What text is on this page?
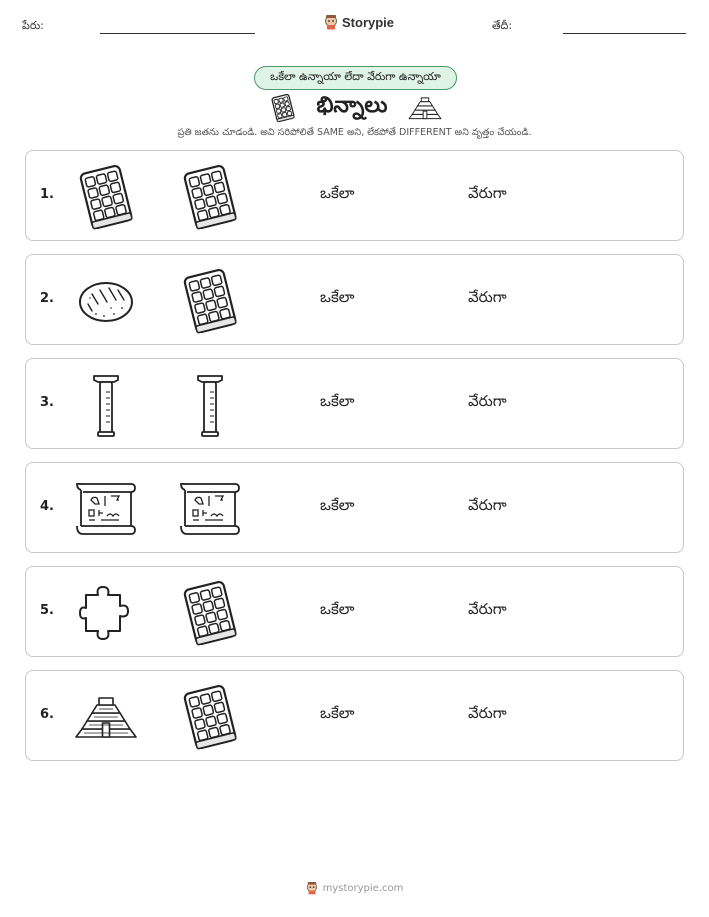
పేరు:	Storypie	తేదీ:
ఒకేలా ఉన్నాయా లేదా వేరుగా ఉన్నాయా
భిన్నాలు
ప్రతి జతను చూడండి. అవి సరిపోలితే SAME అని, లేకపోతే DIFFERENT అని వృత్తం చేయండి.
1.	ఒకేలా	వేరుగా
2.	ఒకేలా	వేరుగా
3.	ఒకేలా	వేరుగా
4.	ఒకేలా	వేరుగా
5.	ఒకేలా	వేరుగా
6.	ఒకేలా	వేరుగా
mystorypie.com
